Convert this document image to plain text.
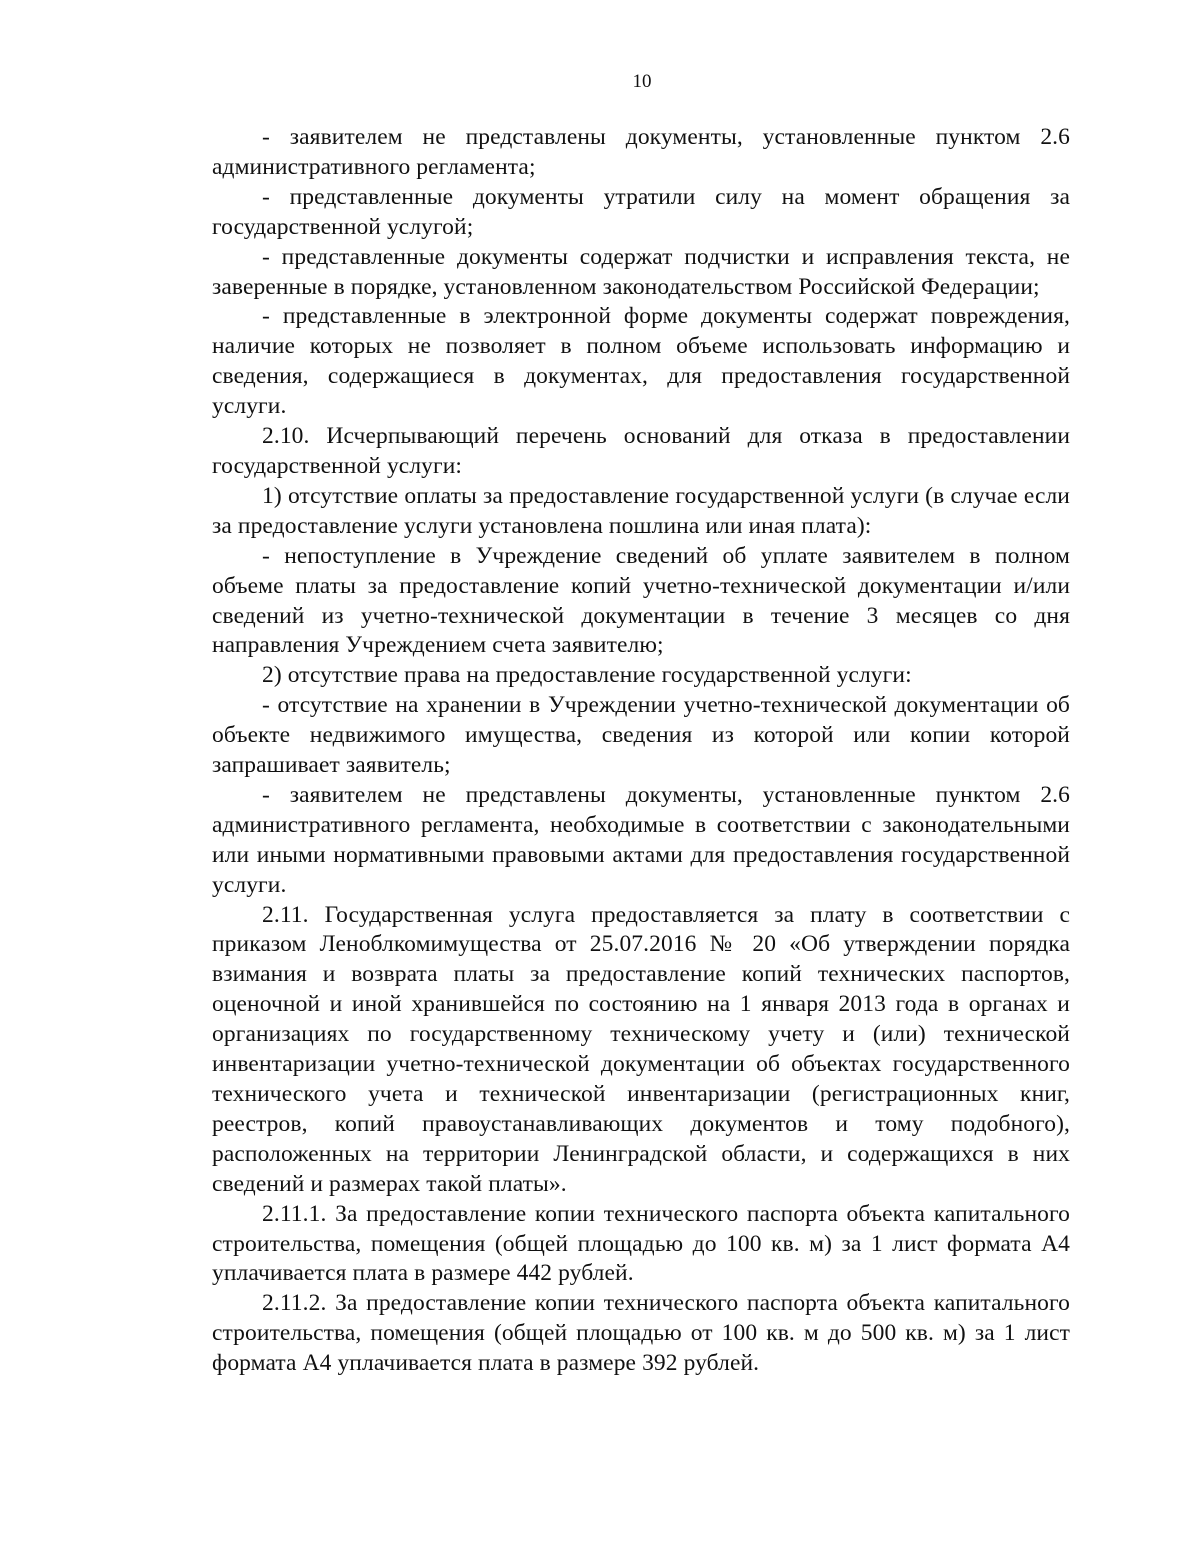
10

- заявителем не представлены документы, установленные пунктом 2.6 административного регламента;

- представленные документы утратили силу на момент обращения за государственной услугой;

- представленные документы содержат подчистки и исправления текста, не заверенные в порядке, установленном законодательством Российской Федерации;

- представленные в электронной форме документы содержат повреждения, наличие которых не позволяет в полном объеме использовать информацию и сведения, содержащиеся в документах, для предоставления государственной услуги.

2.10. Исчерпывающий перечень оснований для отказа в предоставлении государственной услуги:

1) отсутствие оплаты за предоставление государственной услуги (в случае если за предоставление услуги установлена пошлина или иная плата):

- непоступление в Учреждение сведений об уплате заявителем в полном объеме платы за предоставление копий учетно-технической документации и/или сведений из учетно-технической документации в течение 3 месяцев со дня направления Учреждением счета заявителю;

2) отсутствие права на предоставление государственной услуги:

- отсутствие на хранении в Учреждении учетно-технической документации об объекте недвижимого имущества, сведения из которой или копии которой запрашивает заявитель;

- заявителем не представлены документы, установленные пунктом 2.6 административного регламента, необходимые в соответствии с законодательными или иными нормативными правовыми актами для предоставления государственной услуги.

2.11. Государственная услуга предоставляется за плату в соответствии с приказом Леноблкомимущества от 25.07.2016 № 20 «Об утверждении порядка взимания и возврата платы за предоставление копий технических паспортов, оценочной и иной хранившейся по состоянию на 1 января 2013 года в органах и организациях по государственному техническому учету и (или) технической инвентаризации учетно-технической документации об объектах государственного технического учета и технической инвентаризации (регистрационных книг, реестров, копий правоустанавливающих документов и тому подобного), расположенных на территории Ленинградской области, и содержащихся в них сведений и размерах такой платы».

2.11.1. За предоставление копии технического паспорта объекта капитального строительства, помещения (общей площадью до 100 кв. м) за 1 лист формата А4 уплачивается плата в размере 442 рублей.

2.11.2. За предоставление копии технического паспорта объекта капитального строительства, помещения (общей площадью от 100 кв. м до 500 кв. м) за 1 лист формата А4 уплачивается плата в размере 392 рублей.
